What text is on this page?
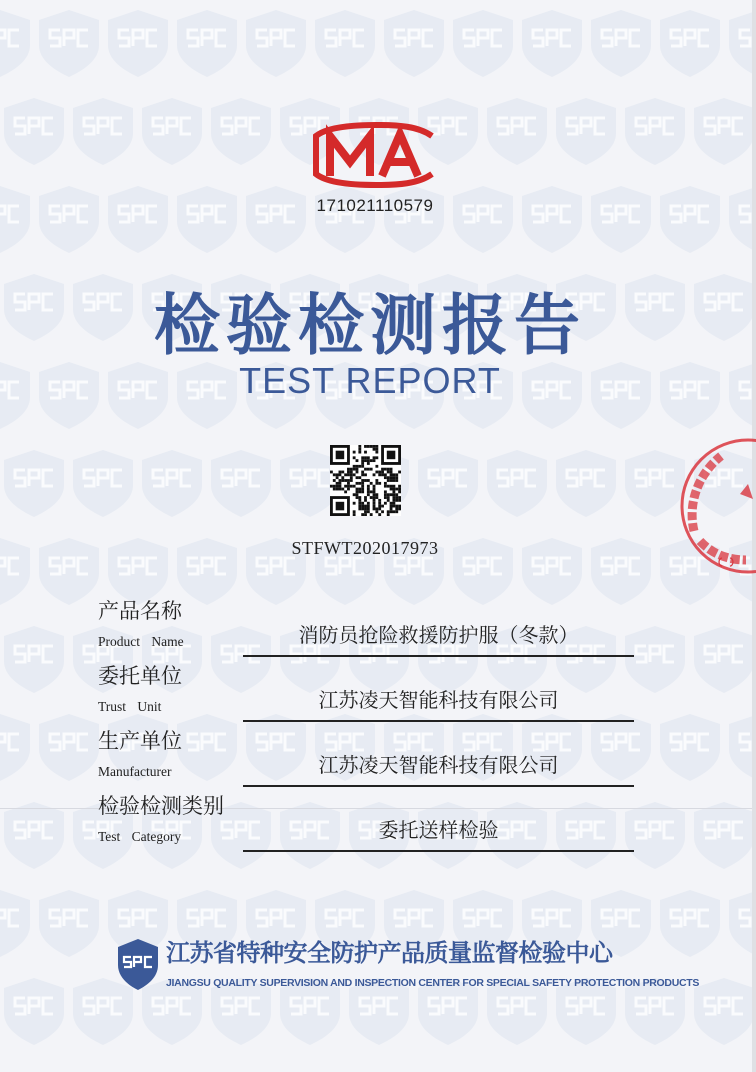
171021110579
检验检测报告
TEST REPORT
STFWT202017973
产品名称
Product Name	消防员抢险救援防护服（冬款）
委托单位
Trust Unit	江苏凌天智能科技有限公司
生产单位
Manufacturer	江苏凌天智能科技有限公司
检验检测类别
Test Category	委托送样检验
江苏省特种安全防护产品质量监督检验中心
JIANGSU QUALITY SUPERVISION AND INSPECTION CENTER FOR SPECIAL SAFETY PROTECTION PRODUCTS
